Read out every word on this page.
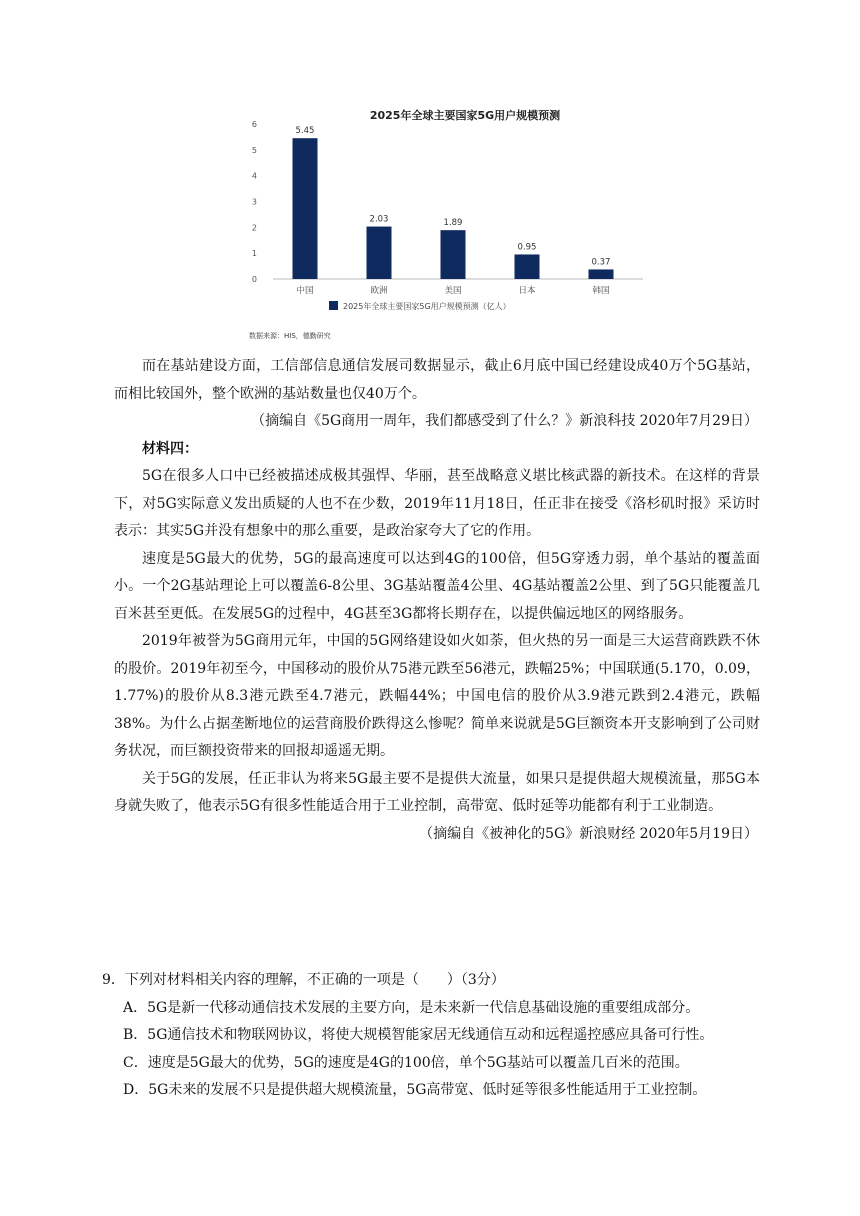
2025年全球主要国家5G用户规模预测
0
1
2
3
4
5
6
5.45
中国
2.03
欧洲
1.89
美国
0.95
日本
0.37
韩国
2025年全球主要国家5G用户规模预测（亿人）
数据来源：HIS，德勤研究

而在基站建设方面，工信部信息通信发展司数据显示，截止6月底中国已经建设成40万个5G基站，而相比较国外，整个欧洲的基站数量也仅40万个。

（摘编自《5G商用一周年，我们都感受到了什么？》新浪科技 2020年7月29日）

材料四：

5G在很多人口中已经被描述成极其强悍、华丽，甚至战略意义堪比核武器的新技术。在这样的背景下，对5G实际意义发出质疑的人也不在少数，2019年11月18日，任正非在接受《洛杉矶时报》采访时表示：其实5G并没有想象中的那么重要，是政治家夸大了它的作用。

速度是5G最大的优势，5G的最高速度可以达到4G的100倍，但5G穿透力弱，单个基站的覆盖面小。一个2G基站理论上可以覆盖6-8公里、3G基站覆盖4公里、4G基站覆盖2公里、到了5G只能覆盖几百米甚至更低。在发展5G的过程中，4G甚至3G都将长期存在，以提供偏远地区的网络服务。

2019年被誉为5G商用元年，中国的5G网络建设如火如荼，但火热的另一面是三大运营商跌跌不休的股价。2019年初至今，中国移动的股价从75港元跌至56港元，跌幅25%；中国联通(5.170，0.09，1.77%)的股价从8.3港元跌至4.7港元，跌幅44%；中国电信的股价从3.9港元跌到2.4港元，跌幅38%。为什么占据垄断地位的运营商股价跌得这么惨呢？简单来说就是5G巨额资本开支影响到了公司财务状况，而巨额投资带来的回报却遥遥无期。

关于5G的发展，任正非认为将来5G最主要不是提供大流量，如果只是提供超大规模流量，那5G本身就失败了，他表示5G有很多性能适合用于工业控制，高带宽、低时延等功能都有利于工业制造。

（摘编自《被神化的5G》新浪财经 2020年5月19日）

9．下列对材料相关内容的理解，不正确的一项是（　　）（3分）

A．5G是新一代移动通信技术发展的主要方向，是未来新一代信息基础设施的重要组成部分。

B．5G通信技术和物联网协议，将使大规模智能家居无线通信互动和远程遥控感应具备可行性。

C．速度是5G最大的优势，5G的速度是4G的100倍，单个5G基站可以覆盖几百米的范围。

D．5G未来的发展不只是提供超大规模流量，5G高带宽、低时延等很多性能适用于工业控制。
